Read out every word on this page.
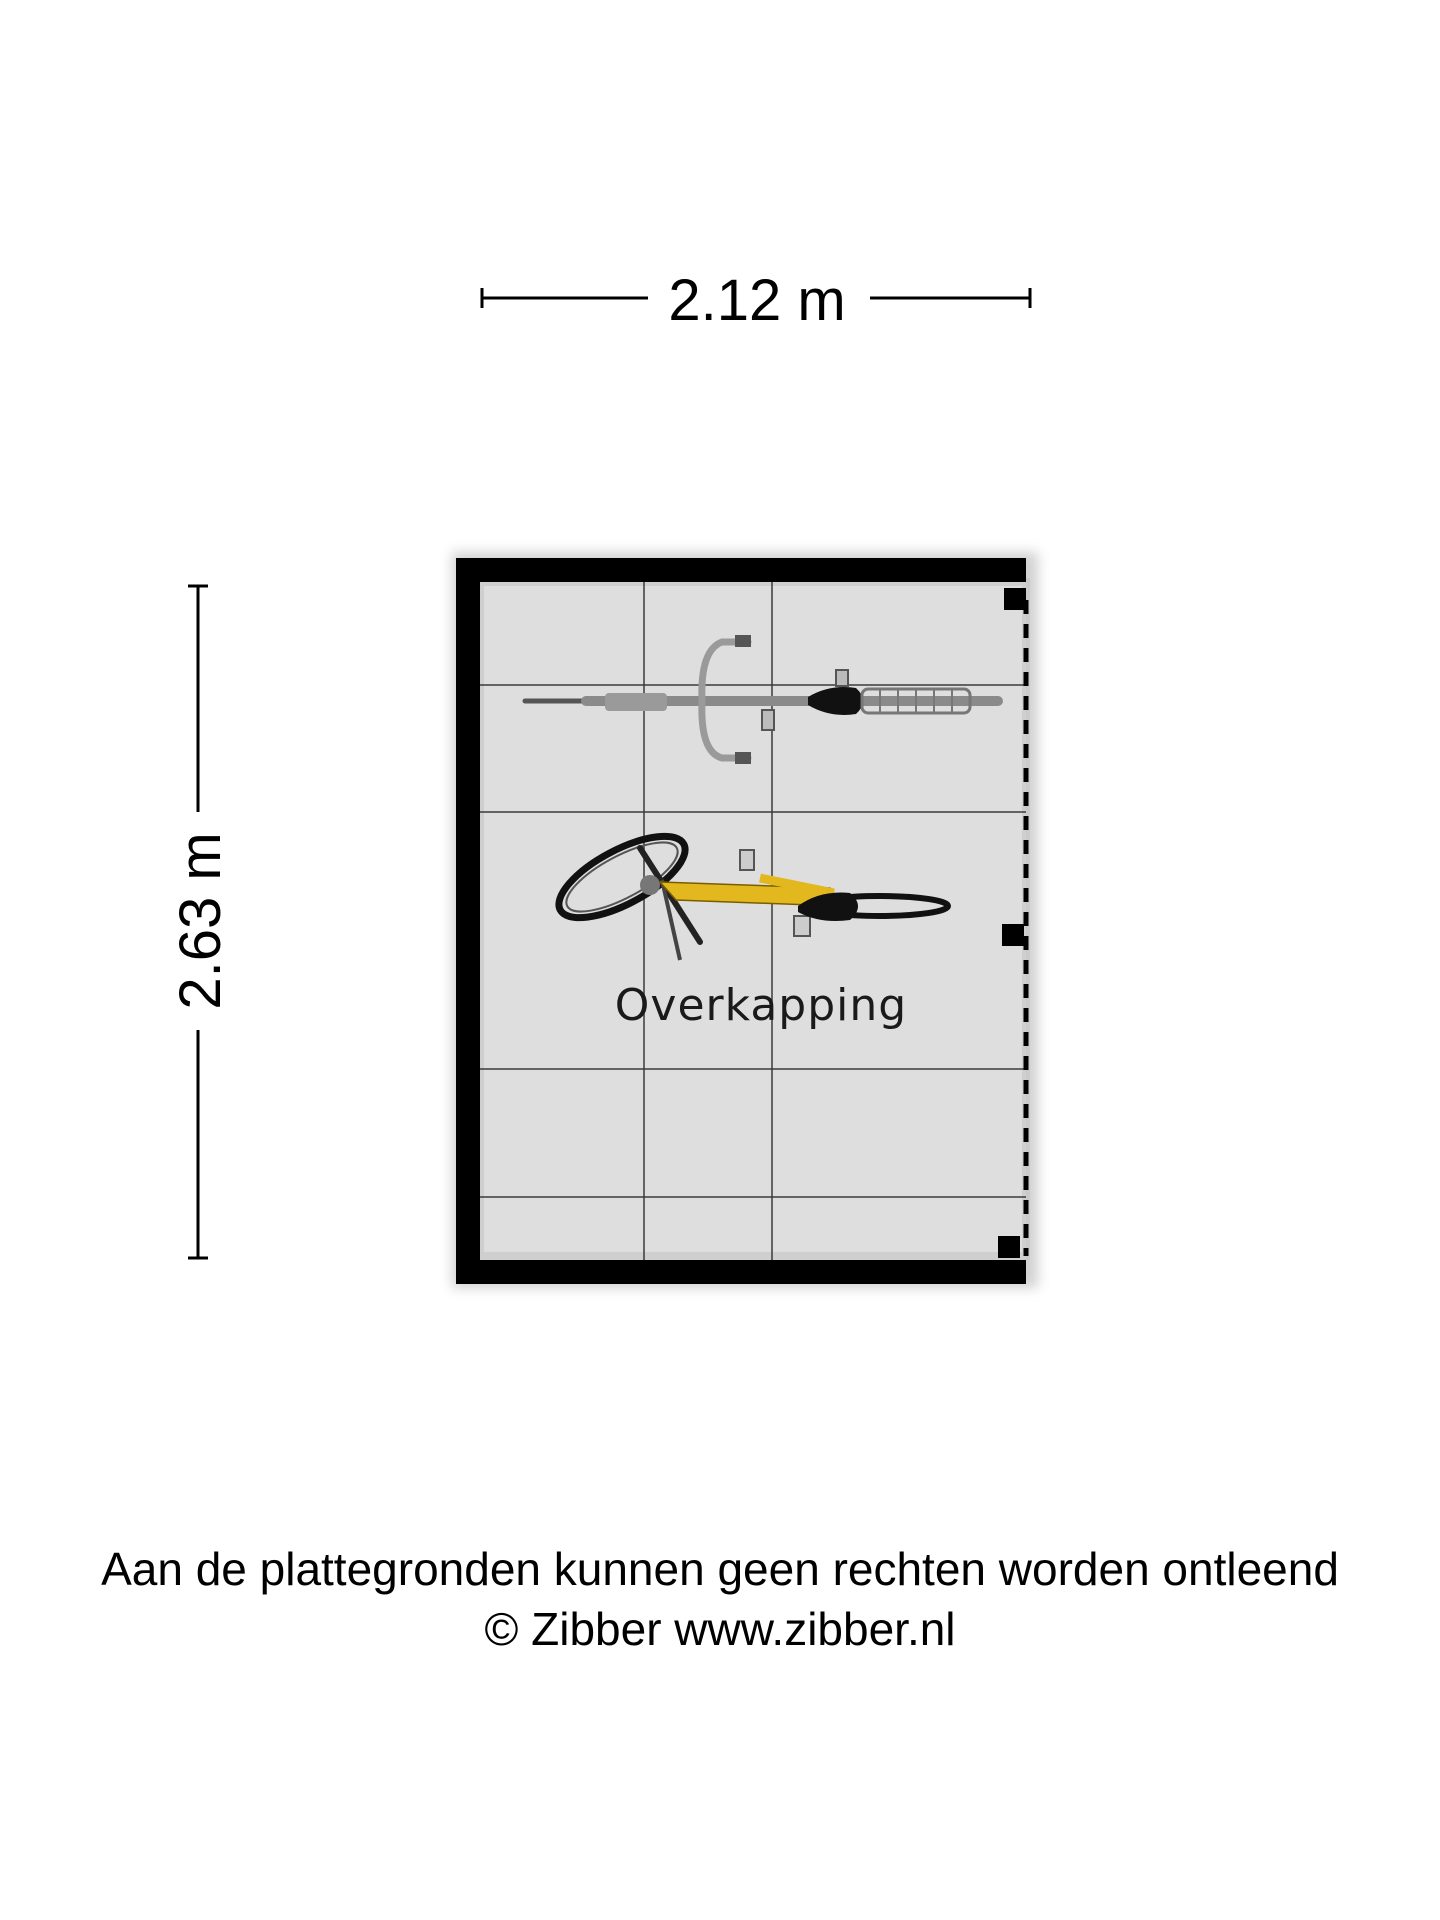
2.12 m
2.63 m	Overkapping
Aan de plattegronden kunnen geen rechten worden ontleend
© Zibber www.zibber.nl
